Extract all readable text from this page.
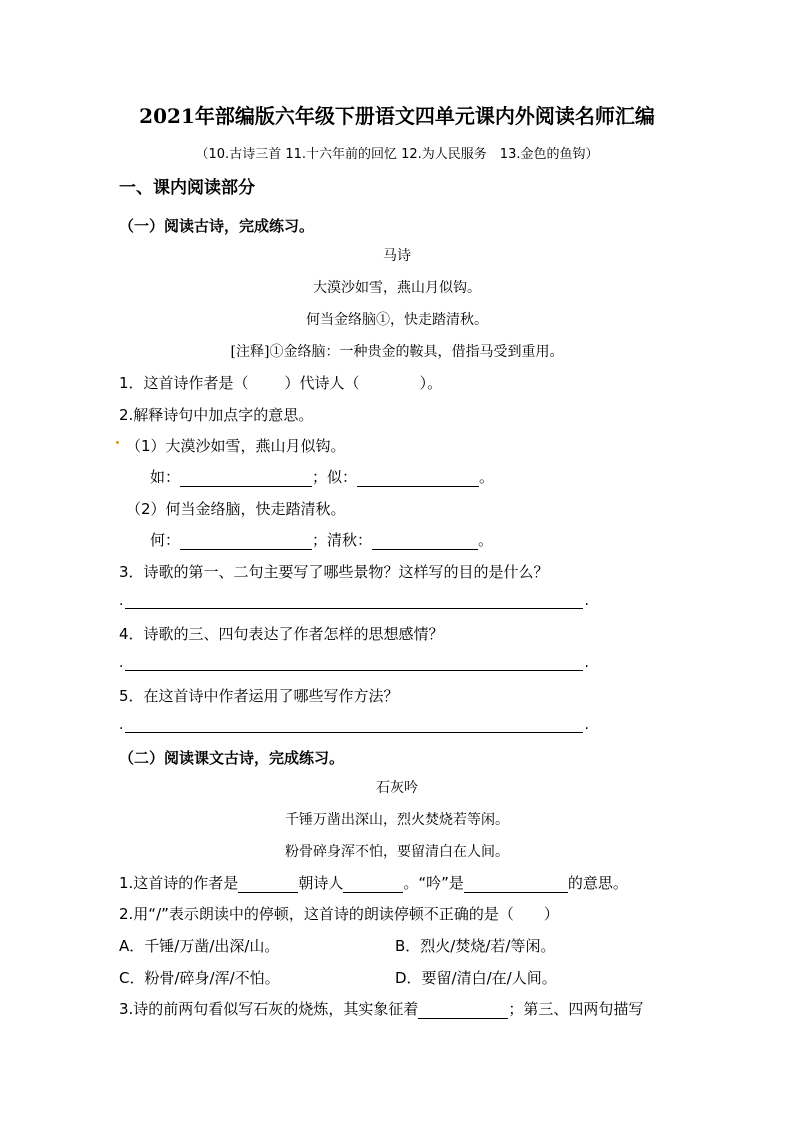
2021年部编版六年级下册语文四单元课内外阅读名师汇编
（10.古诗三首 11.十六年前的回忆 12.为人民服务　13.金色的鱼钩）
一、课内阅读部分
（一）阅读古诗，完成练习。
马诗
大漠沙如雪，燕山月似钩。
何当金络脑①，快走踏清秋。
[注释]①金络脑：一种贵金的鞍具，借指马受到重用。
1．这首诗作者是（ ）代诗人（	）。
2.解释诗句中加点字的意思。
（1）大漠沙如雪，燕山月似钩。
如：	；似：	。
（2）何当金络脑，快走踏清秋。
何：	；清秋：	。
3．诗歌的第一、二句主要写了哪些景物？这样写的目的是什么？
.	.
4．诗歌的三、四句表达了作者怎样的思想感情？
.	.
5．在这首诗中作者运用了哪些写作方法？
.	.
（二）阅读课文古诗，完成练习。
石灰吟
千锤万凿出深山，烈火焚烧若等闲。
粉骨碎身浑不怕，要留清白在人间。
1.这首诗的作者是	朝诗人	。“吟”是	的意思。
2.用“/”表示朗读中的停顿，这首诗的朗读停顿不正确的是（　　）
A．千锤/万凿/出深/山。	B．烈火/焚烧/若/等闲。
C．粉骨/碎身/浑/不怕。	D．要留/清白/在/人间。
3.诗的前两句看似写石灰的烧炼，其实象征着	；第三、四两句描写
